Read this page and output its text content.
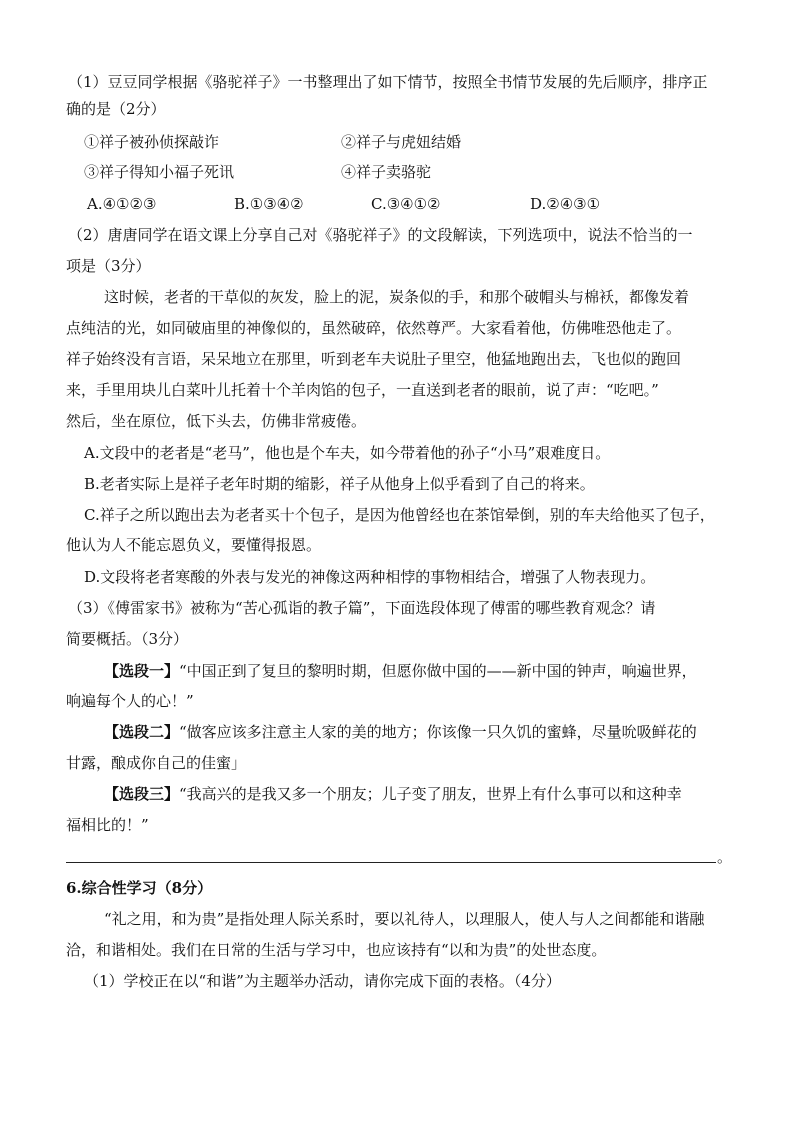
（1）豆豆同学根据《骆驼祥子》一书整理出了如下情节，按照全书情节发展的先后顺序，排序正
确的是（2分）
①祥子被孙侦探敲诈	②祥子与虎妞结婚
③祥子得知小福子死讯	④祥子卖骆驼
A.④①②③	B.①③④②	C.③④①②	D.②④③①
（2）唐唐同学在语文课上分享自己对《骆驼祥子》的文段解读，下列选项中，说法不恰当的一
项是（3分）
这时候，老者的干草似的灰发，脸上的泥，炭条似的手，和那个破帽头与棉袄，都像发着
点纯洁的光，如同破庙里的神像似的，虽然破碎，依然尊严。大家看着他，仿佛唯恐他走了。
祥子始终没有言语，呆呆地立在那里，听到老车夫说肚子里空，他猛地跑出去，飞也似的跑回
来，手里用块儿白菜叶儿托着十个羊肉馅的包子，一直送到老者的眼前，说了声：“吃吧。”
然后，坐在原位，低下头去，仿佛非常疲倦。
A.文段中的老者是“老马”，他也是个车夫，如今带着他的孙子“小马”艰难度日。
B.老者实际上是祥子老年时期的缩影，祥子从他身上似乎看到了自己的将来。
C.祥子之所以跑出去为老者买十个包子，是因为他曾经也在茶馆晕倒，别的车夫给他买了包子，
他认为人不能忘恩负义，要懂得报恩。
D.文段将老者寒酸的外表与发光的神像这两种相悖的事物相结合，增强了人物表现力。
（3）《傅雷家书》被称为“苦心孤诣的教子篇”，下面选段体现了傅雷的哪些教育观念？请
简要概括。（3分）
【选段一】“中国正到了复旦的黎明时期，但愿你做中国的——新中国的钟声，响遍世界，
响遍每个人的心！”
【选段二】“做客应该多注意主人家的美的地方；你该像一只久饥的蜜蜂，尽量吮吸鲜花的
甘露，酿成你自己的佳蜜」
【选段三】“我高兴的是我又多一个朋友；儿子变了朋友，世界上有什么事可以和这种幸
福相比的！”
。
6.综合性学习（8分）
“礼之用，和为贵”是指处理人际关系时，要以礼待人，以理服人，使人与人之间都能和谐融
洽，和谐相处。我们在日常的生活与学习中，也应该持有“以和为贵”的处世态度。
（1）学校正在以“和谐”为主题举办活动，请你完成下面的表格。（4分）
